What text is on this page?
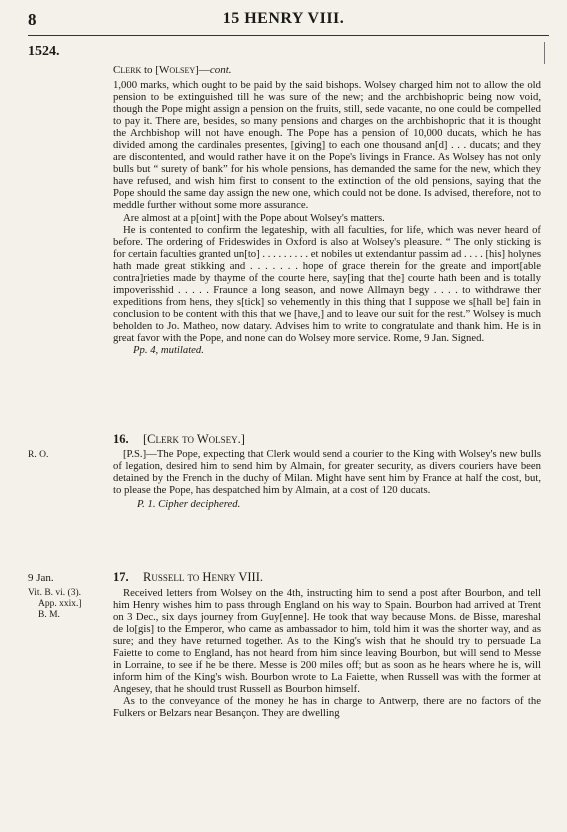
8	15 HENRY VIII.
1524.
Clerk to [Wolsey]—cont.

1,000 marks, which ought to be paid by the said bishops. Wolsey charged him not to allow the old pension to be extinguished till he was sure of the new; and the archbishopric being now void, though the Pope might assign a pension on the fruits, still, sede vacante, no one could be compelled to pay it. There are, besides, so many pensions and charges on the archbishopric that it is thought the Archbishop will not have enough. The Pope has a pension of 10,000 ducats, which he has divided among the cardinales presentes, [giving] to each one thousand an[d] . . . ducats; and they are discontented, and would rather have it on the Pope's livings in France. As Wolsey has not only bulls but “ surety of bank” for his whole pensions, has demanded the same for the new, which they have refused, and wish him first to consent to the extinction of the old pensions, saying that the Pope should the same day assign the new one, which could not be done. Is advised, therefore, not to meddle further without some more assurance.

Are almost at a p[oint] with the Pope about Wolsey's matters.

He is contented to confirm the legateship, with all faculties, for life, which was never heard of before. The ordering of Frideswides in Oxford is also at Wolsey's pleasure. “ The only sticking is for certain faculties granted un[to] . . . . . . . . . et nobiles ut extendantur passim ad . . . . [his] holynes hath made great stikking and . . . . . . . hope of grace therein for the greate and import[able contra]rieties made by thayme of the courte here, say[ing that the] courte hath been and is totally impoverisshid . . . . . Fraunce a long season, and nowe Allmayn begy . . . . to withdrawe ther expeditions from hens, they s[tick] so vehemently in this thing that I suppose we s[hall be] fain in conclusion to be content with this that we [have,] and to leave our suit for the rest.” Wolsey is much beholden to Jo. Matheo, now datary. Advises him to write to congratulate and thank him. He is in great favor with the Pope, and none can do Wolsey more service. Rome, 9 Jan. Signed.

Pp. 4, mutilated.

16. [Clerk to Wolsey.]
R. O.	[P.S.]—The Pope, expecting that Clerk would send a courier to the King with Wolsey's new bulls of legation, desired him to send him by Almain, for greater security, as divers couriers have been detained by the French in the duchy of Milan. Might have sent him by France at half the cost, but, to please the Pope, has despatched him by Almain, at a cost of 120 ducats.

P. 1. Cipher deciphered.

9 Jan.	17. Russell to Henry VIII.
Vit. B. vi. (3).
App. xxix.]
B. M.

Received letters from Wolsey on the 4th, instructing him to send a post after Bourbon, and tell him Henry wishes him to pass through England on his way to Spain. Bourbon had arrived at Trent on 3 Dec., six days journey from Guy[enne]. He took that way because Mons. de Bisse, mareshal de lo[gis] to the Emperor, who came as ambassador to him, told him it was the shorter way, and as sure; and they have returned together. As to the King's wish that he should try to persuade La Faiette to come to England, has not heard from him since leaving Bourbon, but will send to Messe in Lorraine, to see if he be there. Messe is 200 miles off; but as soon as he hears where he is, will inform him of the King's wish. Bourbon wrote to La Faiette, when Russell was with the former at Angesey, that he should trust Russell as Bourbon himself.

As to the conveyance of the money he has in charge to Antwerp, there are no factors of the Fulkers or Belzars near Besançon. They are dwelling
